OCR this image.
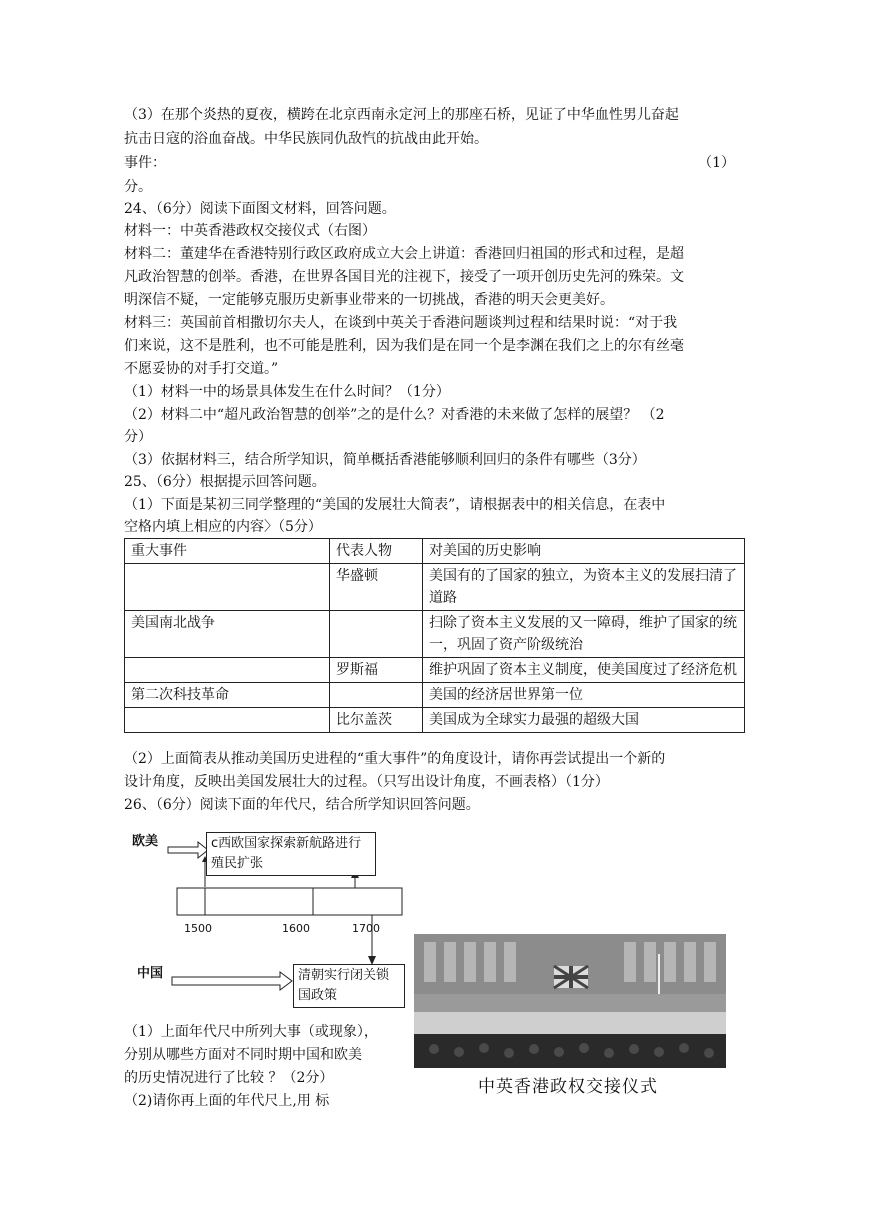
（3）在那个炎热的夏夜，横跨在北京西南永定河上的那座石桥，见证了中华血性男儿奋起
抗击日寇的浴血奋战。中华民族同仇敌忾的抗战由此开始。
事件：	（1）
分。
24、（6分）阅读下面图文材料，回答问题。
材料一：中英香港政权交接仪式（右图）
材料二：董建华在香港特别行政区政府成立大会上讲道：香港回归祖国的形式和过程，是超
凡政治智慧的创举。香港，在世界各国目光的注视下，接受了一项开创历史先河的殊荣。文
明深信不疑，一定能够克服历史新事业带来的一切挑战，香港的明天会更美好。
材料三：英国前首相撒切尔夫人，在谈到中英关于香港问题谈判过程和结果时说：“对于我
们来说，这不是胜利，也不可能是胜利，因为我们是在同一个是李渊在我们之上的尔有丝毫
不愿妥协的对手打交道。”
（1）材料一中的场景具体发生在什么时间？（1分）
（2）材料二中“超凡政治智慧的创举”之的是什么？对香港的未来做了怎样的展望？ （2
分）
（3）依据材料三，结合所学知识，简单概括香港能够顺利回归的条件有哪些（3分）
25、（6分）根据提示回答问题。
（1）下面是某初三同学整理的“美国的发展壮大简表”，请根据表中的相关信息，在表中
空格内填上相应的内容〉（5分）
重大事件	代表人物	对美国的历史影响
	华盛顿	美国有的了国家的独立，为资本主义的发展扫清了道路
美国南北战争		扫除了资本主义发展的又一障碍，维护了国家的统一，巩固了资产阶级统治
	罗斯福	维护巩固了资本主义制度，使美国度过了经济危机
第二次科技革命		美国的经济居世界第一位
	比尔盖茨	美国成为全球实力最强的超级大国
（2）上面简表从推动美国历史进程的“重大事件”的角度设计，请你再尝试提出一个新的
设计角度，反映出美国发展壮大的过程。（只写出设计角度，不画表格）（1分）
26、（6分）阅读下面的年代尺，结合所学知识回答问题。
欧美
中国
c西欧国家探索新航路进行
殖民扩张
清朝实行闭关锁
国政策
1500	1600	1700
（1）上面年代尺中所列大事（或现象），
分别从哪些方面对不同时期中国和欧美
的历史情况进行了比较 ？（2分）
（2)请你再上面的年代尺上,用 标
中英香港政权交接仪式
